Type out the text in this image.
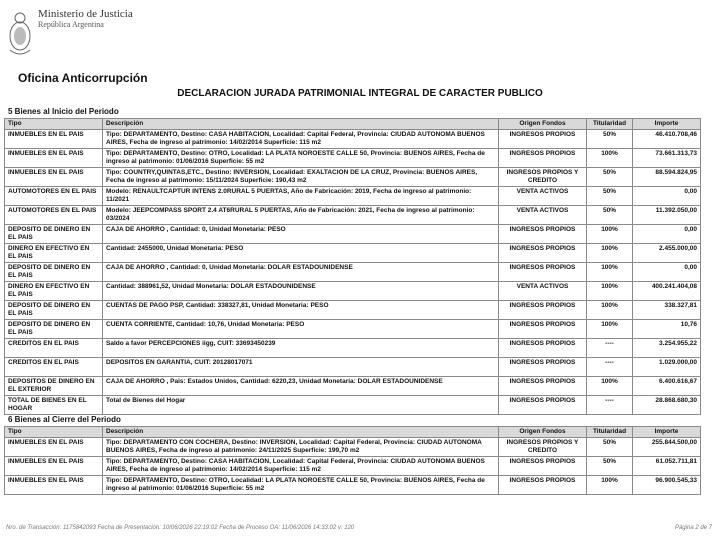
Ministerio de Justicia
República Argentina
Oficina Anticorrupción
DECLARACION JURADA PATRIMONIAL INTEGRAL DE CARACTER PUBLICO
5 Bienes al Inicio del Periodo
Tipo	Descripción	Origen Fondos	Titularidad	Importe
INMUEBLES EN EL PAIS	Tipo: DEPARTAMENTO, Destino: CASA HABITACION, Localidad: Capital Federal, Provincia: CIUDAD AUTONOMA BUENOS AIRES, Fecha de ingreso al patrimonio: 14/02/2014 Superficie: 115 m2	INGRESOS PROPIOS	50%	46.410.708,46
INMUEBLES EN EL PAIS	Tipo: DEPARTAMENTO, Destino: OTRO, Localidad: LA PLATA NOROESTE CALLE 50, Provincia: BUENOS AIRES, Fecha de ingreso al patrimonio: 01/06/2016 Superficie: 55 m2	INGRESOS PROPIOS	100%	73.661.313,73
INMUEBLES EN EL PAIS	Tipo: COUNTRY,QUINTAS,ETC., Destino: INVERSION, Localidad: EXALTACION DE LA CRUZ, Provincia: BUENOS AIRES, Fecha de ingreso al patrimonio: 15/11/2024 Superficie: 190,43 m2	INGRESOS PROPIOS Y CREDITO	50%	88.594.824,95
AUTOMOTORES EN EL PAIS	Modelo: RENAULTCAPTUR INTENS 2.0RURAL 5 PUERTAS, Año de Fabricación: 2019, Fecha de ingreso al patrimonio: 11/2021	VENTA ACTIVOS	50%	0,00
AUTOMOTORES EN EL PAIS	Modelo: JEEPCOMPASS SPORT 2.4 AT6RURAL 5 PUERTAS, Año de Fabricación: 2021, Fecha de ingreso al patrimonio: 03/2024	VENTA ACTIVOS	50%	11.392.050,00
DEPOSITO DE DINERO EN EL PAIS	CAJA DE AHORRO , Cantidad: 0, Unidad Monetaria: PESO	INGRESOS PROPIOS	100%	0,00
DINERO EN EFECTIVO EN EL PAIS	Cantidad: 2455000, Unidad Monetaria: PESO	INGRESOS PROPIOS	100%	2.455.000,00
DEPOSITO DE DINERO EN EL PAIS	CAJA DE AHORRO , Cantidad: 0, Unidad Monetaria: DOLAR ESTADOUNIDENSE	INGRESOS PROPIOS	100%	0,00
DINERO EN EFECTIVO EN EL PAIS	Cantidad: 388961,52, Unidad Monetaria: DOLAR ESTADOUNIDENSE	VENTA ACTIVOS	100%	400.241.404,08
DEPOSITO DE DINERO EN EL PAIS	CUENTAS DE PAGO PSP, Cantidad: 338327,81, Unidad Monetaria: PESO	INGRESOS PROPIOS	100%	338.327,81
DEPOSITO DE DINERO EN EL PAIS	CUENTA CORRIENTE, Cantidad: 10,76, Unidad Monetaria: PESO	INGRESOS PROPIOS	100%	10,76
CREDITOS EN EL PAIS	Saldo a favor PERCEPCIONES iigg, CUIT: 33693450239	INGRESOS PROPIOS	----	3.254.955,22
CREDITOS EN EL PAIS	DEPOSITOS EN GARANTIA, CUIT: 20128017071	INGRESOS PROPIOS	----	1.029.000,00
DEPOSITOS DE DINERO EN EL EXTERIOR	CAJA DE AHORRO , Pais: Estados Unidos, Cantidad: 6220,23, Unidad Monetaria: DOLAR ESTADOUNIDENSE	INGRESOS PROPIOS	100%	6.400.616,67
TOTAL DE BIENES EN EL HOGAR	Total de Bienes del Hogar	INGRESOS PROPIOS	----	28.868.680,30
6 Bienes al Cierre del Periodo
Tipo	Descripción	Origen Fondos	Titularidad	Importe
INMUEBLES EN EL PAIS	Tipo: DEPARTAMENTO CON COCHERA, Destino: INVERSION, Localidad: Capital Federal, Provincia: CIUDAD AUTONOMA BUENOS AIRES, Fecha de ingreso al patrimonio: 24/11/2025 Superficie: 199,70 m2	INGRESOS PROPIOS Y CREDITO	50%	255.844.500,00
INMUEBLES EN EL PAIS	Tipo: DEPARTAMENTO, Destino: CASA HABITACION, Localidad: Capital Federal, Provincia: CIUDAD AUTONOMA BUENOS AIRES, Fecha de ingreso al patrimonio: 14/02/2014 Superficie: 115 m2	INGRESOS PROPIOS	50%	61.052.711,81
INMUEBLES EN EL PAIS	Tipo: DEPARTAMENTO, Destino: OTRO, Localidad: LA PLATA NOROESTE CALLE 50, Provincia: BUENOS AIRES, Fecha de ingreso al patrimonio: 01/06/2016 Superficie: 55 m2	INGRESOS PROPIOS	100%	96.900.545,33
Nro. de Transacción: 1175842093 Fecha de Presentación: 10/06/2026 22:19:02 Fecha de Proceso OA: 11/06/2026 14:33:02 v: 120	Página 2 de 7
